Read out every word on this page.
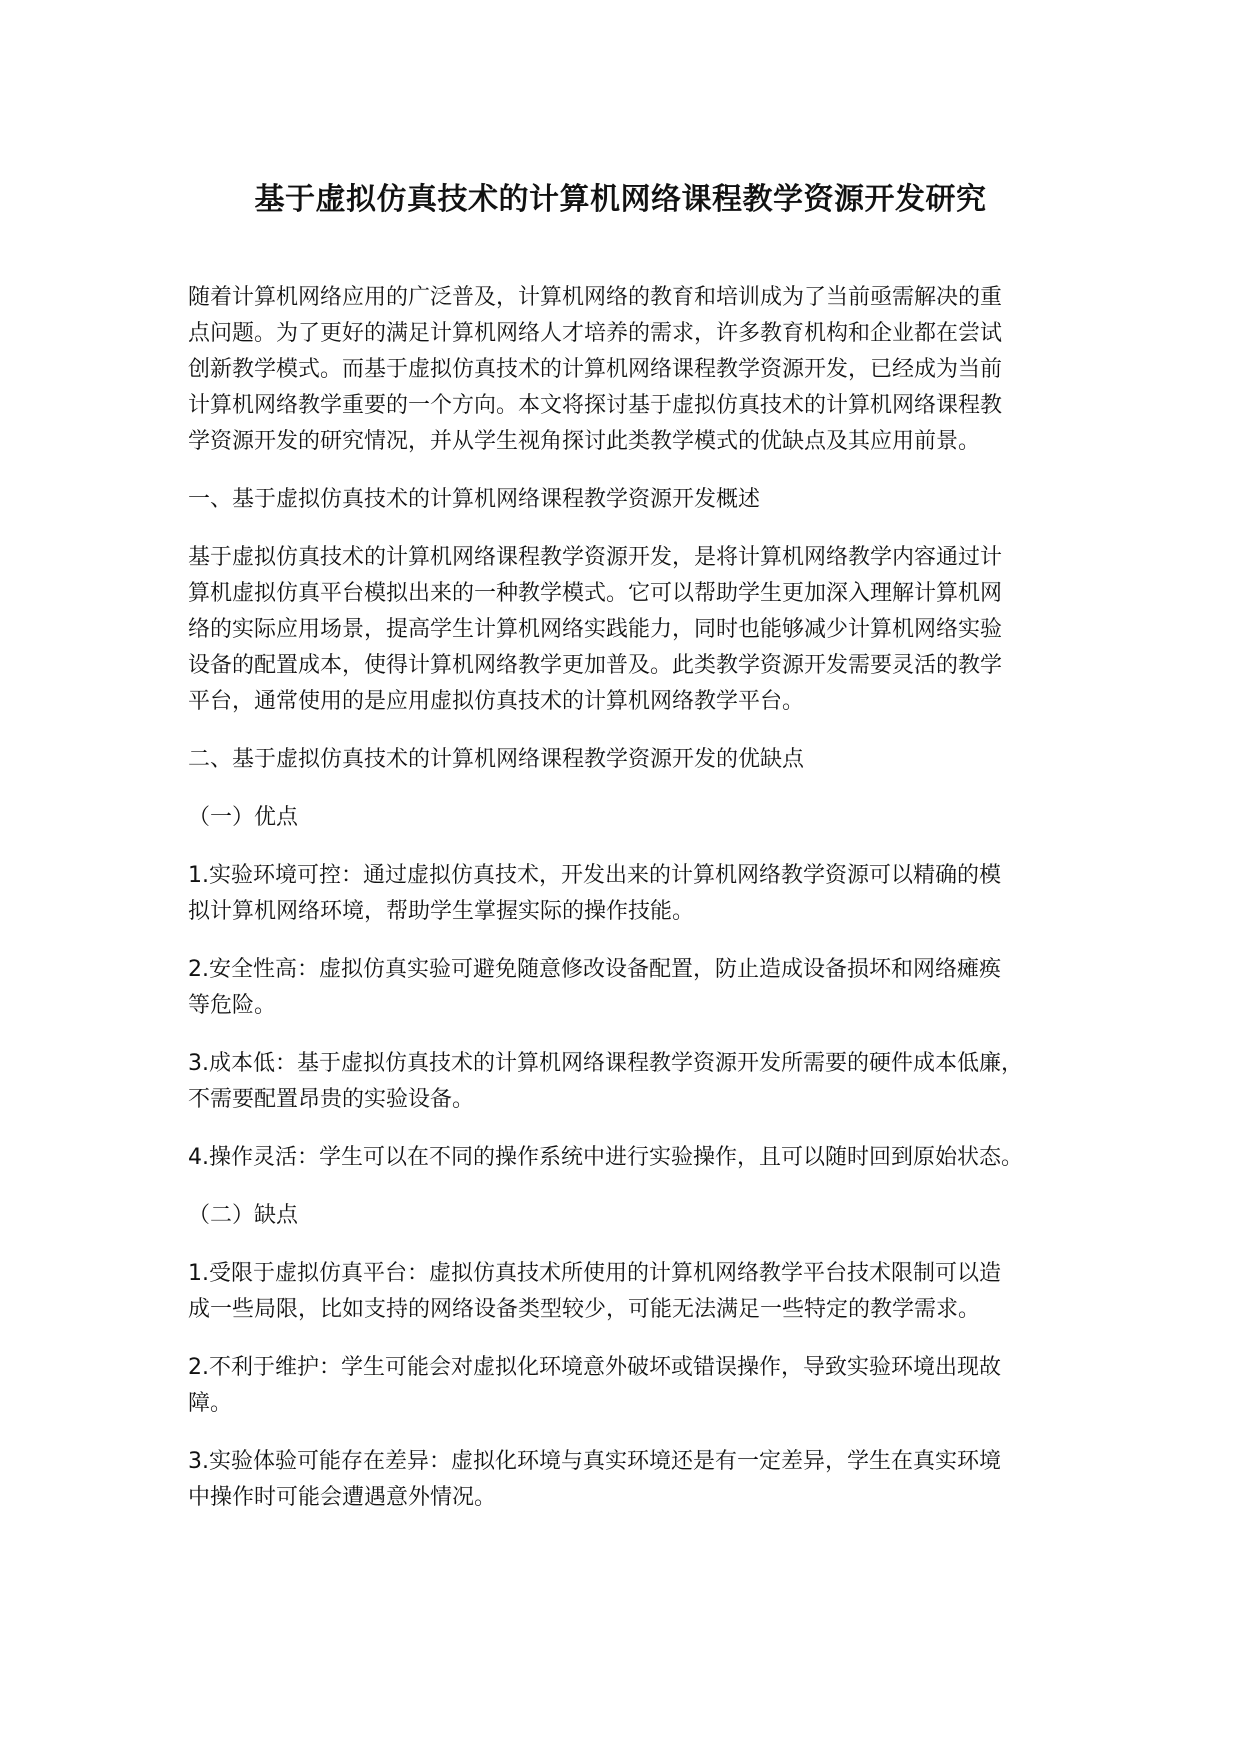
基于虚拟仿真技术的计算机网络课程教学资源开发研究
随着计算机网络应用的广泛普及，计算机网络的教育和培训成为了当前亟需解决的重
点问题。为了更好的满足计算机网络人才培养的需求，许多教育机构和企业都在尝试
创新教学模式。而基于虚拟仿真技术的计算机网络课程教学资源开发，已经成为当前
计算机网络教学重要的一个方向。本文将探讨基于虚拟仿真技术的计算机网络课程教
学资源开发的研究情况，并从学生视角探讨此类教学模式的优缺点及其应用前景。
一、基于虚拟仿真技术的计算机网络课程教学资源开发概述
基于虚拟仿真技术的计算机网络课程教学资源开发，是将计算机网络教学内容通过计
算机虚拟仿真平台模拟出来的一种教学模式。它可以帮助学生更加深入理解计算机网
络的实际应用场景，提高学生计算机网络实践能力，同时也能够减少计算机网络实验
设备的配置成本，使得计算机网络教学更加普及。此类教学资源开发需要灵活的教学
平台，通常使用的是应用虚拟仿真技术的计算机网络教学平台。
二、基于虚拟仿真技术的计算机网络课程教学资源开发的优缺点
（一）优点
1.实验环境可控：通过虚拟仿真技术，开发出来的计算机网络教学资源可以精确的模
拟计算机网络环境，帮助学生掌握实际的操作技能。
2.安全性高：虚拟仿真实验可避免随意修改设备配置，防止造成设备损坏和网络瘫痪
等危险。
3.成本低：基于虚拟仿真技术的计算机网络课程教学资源开发所需要的硬件成本低廉，
不需要配置昂贵的实验设备。
4.操作灵活：学生可以在不同的操作系统中进行实验操作，且可以随时回到原始状态。
（二）缺点
1.受限于虚拟仿真平台：虚拟仿真技术所使用的计算机网络教学平台技术限制可以造
成一些局限，比如支持的网络设备类型较少，可能无法满足一些特定的教学需求。
2.不利于维护：学生可能会对虚拟化环境意外破坏或错误操作，导致实验环境出现故
障。
3.实验体验可能存在差异：虚拟化环境与真实环境还是有一定差异，学生在真实环境
中操作时可能会遭遇意外情况。
